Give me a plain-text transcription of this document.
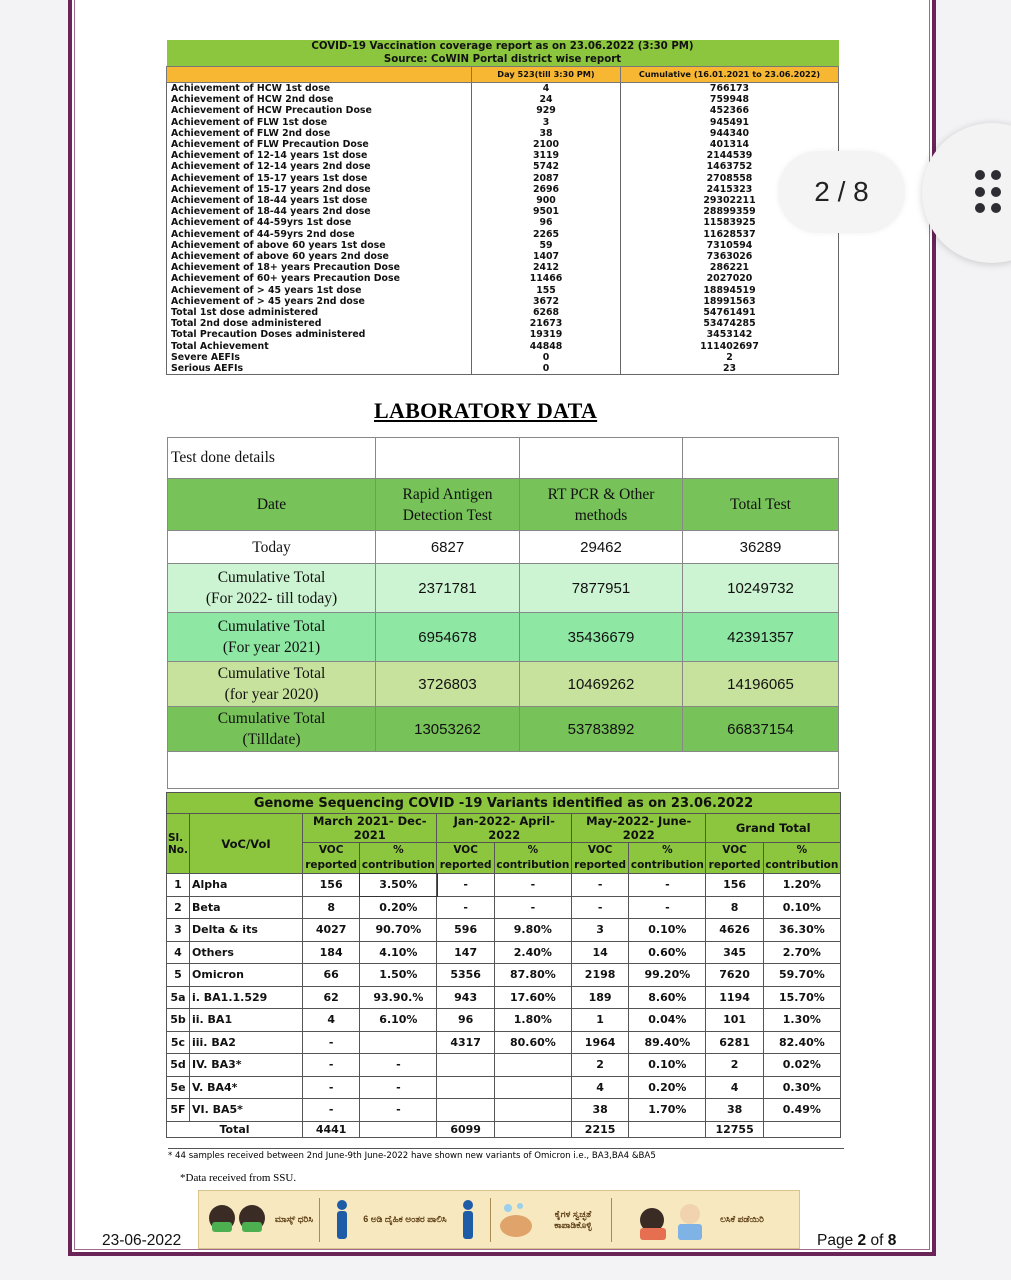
COVID-19 Vaccination coverage report as on 23.06.2022 (3:30 PM)		
Source: CoWIN Portal district wise report		
	Day 523(till 3:30 PM)	Cumulative (16.01.2021 to 23.06.2022)
Achievement of HCW 1st dose	4	766173
Achievement of HCW 2nd dose	24	759948
Achievement of HCW Precaution Dose	929	452366
Achievement of FLW 1st dose	3	945491
Achievement of FLW 2nd dose	38	944340
Achievement of FLW Precaution Dose	2100	401314
Achievement of 12-14 years 1st dose	3119	2144539
Achievement of 12-14 years 2nd dose	5742	1463752
Achievement of 15-17 years 1st dose	2087	2708558
Achievement of 15-17 years 2nd dose	2696	2415323
Achievement of 18-44 years 1st dose	900	29302211
Achievement of 18-44 years 2nd dose	9501	28899359
Achievement of 44-59yrs 1st dose	96	11583925
Achievement of 44-59yrs 2nd dose	2265	11628537
Achievement of above 60 years 1st dose	59	7310594
Achievement of above 60 years 2nd dose	1407	7363026
Achievement of 18+ years Precaution Dose	2412	286221
Achievement of 60+ years Precaution Dose	11466	2027020
Achievement of > 45 years 1st dose	155	18894519
Achievement of > 45 years 2nd dose	3672	18991563
Total 1st dose administered	6268	54761491
Total 2nd dose administered	21673	53474285
Total Precaution Doses administered	19319	3453142
Total Achievement	44848	111402697
Severe AEFIs	0	2
Serious AEFIs	0	23
LABORATORY DATA
Test done details			
Date	Rapid Antigen Detection Test	RT PCR & Other methods	Total Test

Today	6827	29462	36289

Cumulative Total
(For 2022- till today)	2371781	7877951	10249732

Cumulative Total
(For year 2021)	6954678	35436679	42391357

Cumulative Total
(for year 2020)	3726803	10469262	14196065

Cumulative Total
(Tilldate)	13053262	53783892	66837154

Genome Sequencing COVID -19 Variants identified as on 23.06.2022									
Sl. No.	VoC/VoI	March 2021- Dec-2021		Jan-2022- April-2022		May-2022- June-2022		Grand Total	
		VOC reported	% contribution	VOC reported	% contribution	VOC reported	% contribution	VOC reported	% contribution
1	Alpha	156	3.50%	-	-	-	-	156	1.20%
2	Beta	8	0.20%	-	-	-	-	8	0.10%
3	Delta & its	4027	90.70%	596	9.80%	3	0.10%	4626	36.30%
4	Others	184	4.10%	147	2.40%	14	0.60%	345	2.70%
5	Omicron	66	1.50%	5356	87.80%	2198	99.20%	7620	59.70%
5a	i. BA1.1.529	62	93.90.%	943	17.60%	189	8.60%	1194	15.70%
5b	ii. BA1	4	6.10%	96	1.80%	1	0.04%	101	1.30%
5c	iii. BA2	-		4317	80.60%	1964	89.40%	6281	82.40%
5d	IV. BA3*	-	-			2	0.10%	2	0.02%
5e	V. BA4*	-	-			4	0.20%	4	0.30%
5F	VI. BA5*	-	-			38	1.70%	38	0.49%
Total		4441		6099		2215		12755	
* 44 samples received between 2nd June-9th June-2022 have shown new variants of Omicron i.e., BA3,BA4 &BA5
*Data received from SSU.
ಮಾಸ್ಕ್ ಧರಿಸಿ	6 ಅಡಿ ದೈಹಿಕ ಅಂತರ ಪಾಲಿಸಿ
ಕೈಗಳ ಸ್ವಚ್ಛತೆ ಕಾಪಾಡಿಕೊಳ್ಳಿ
ಲಸಿಕೆ ಪಡೆಯಿರಿ
23-06-2022	Page 2 of 8
2 / 8
